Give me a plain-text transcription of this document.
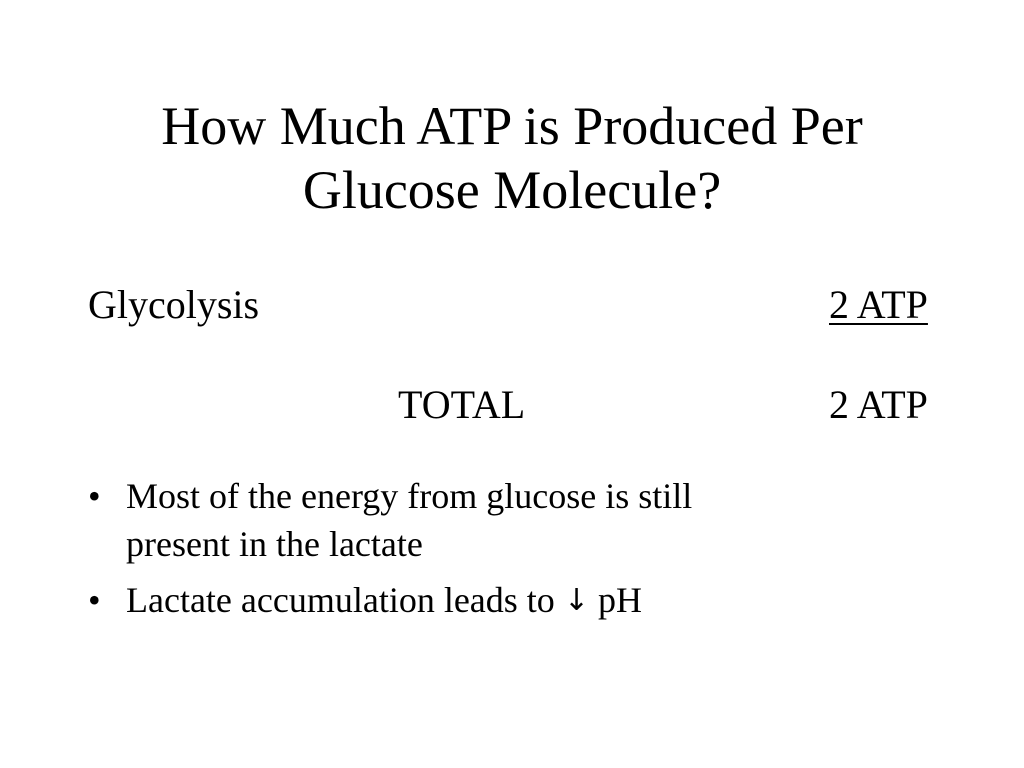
How Much ATP is Produced Per
Glucose Molecule?
Glycolysis	2 ATP
TOTAL	2 ATP
• Most of the energy from glucose is still
present in the lactate
• Lactate accumulation leads to ↓ pH
